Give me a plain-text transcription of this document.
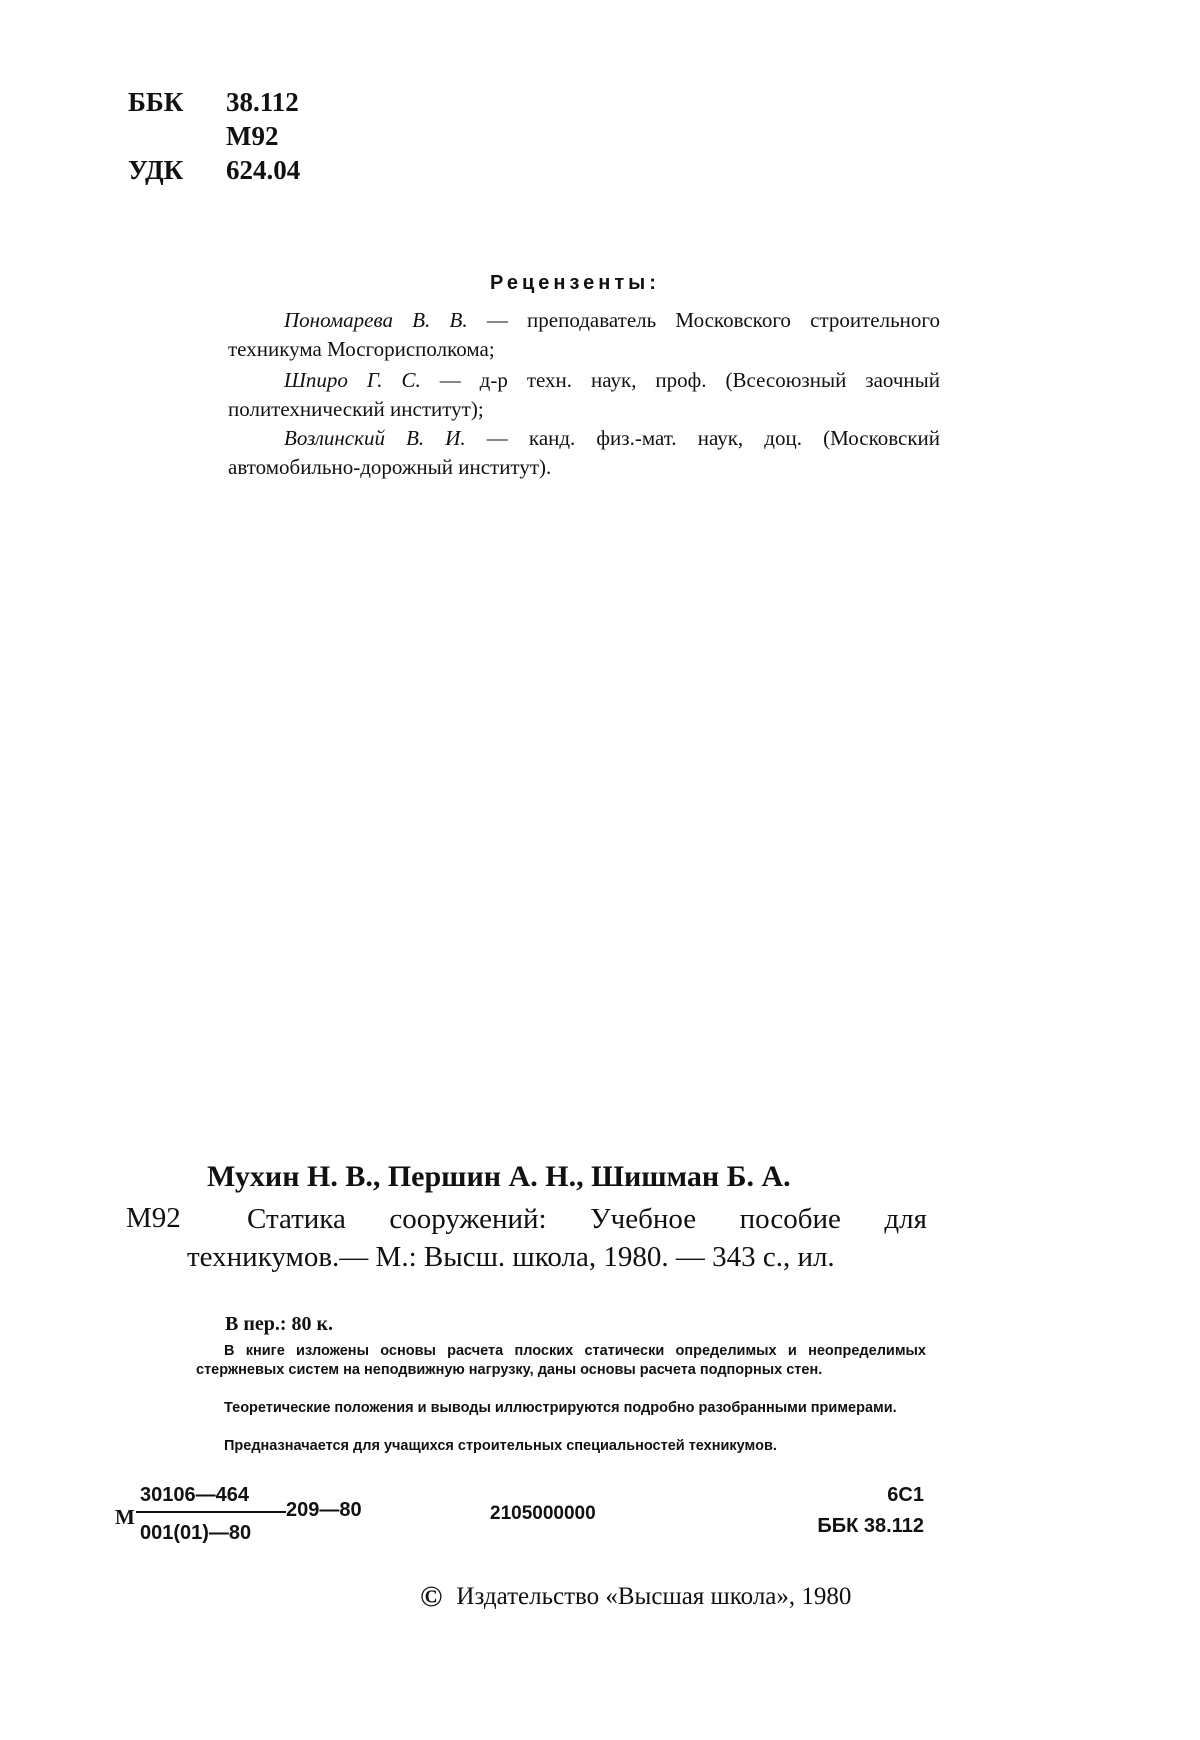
ББК 38.112
М92
УДК 624.04
Рецензенты:
Пономарева В. В. — преподаватель Московского строительного техникума Мосгорисполкома;
Шпиро Г. С. — д-р техн. наук, проф. (Всесоюзный заочный политехнический институт);
Возлинский В. И. — канд. физ.-мат. наук, доц. (Московский автомобильно-дорожный институт).
Мухин Н. В., Першин А. Н., Шишман Б. А.
М92	Статика сооружений: Учебное пособие для техникумов.— М.: Высш. школа, 1980. — 343 с., ил.
В пер.: 80 к.
В книге изложены основы расчета плоских статически определимых и неопределимых стержневых систем на неподвижную нагрузку, даны основы расчета подпорных стен.
Теоретические положения и выводы иллюстрируются подробно разобранными примерами.
Предназначается для учащихся строительных специальностей техникумов.
М
30106—464
001(01)—80
209—80	2105000000
6С1
ББК 38.112
© Издательство «Высшая школа», 1980
